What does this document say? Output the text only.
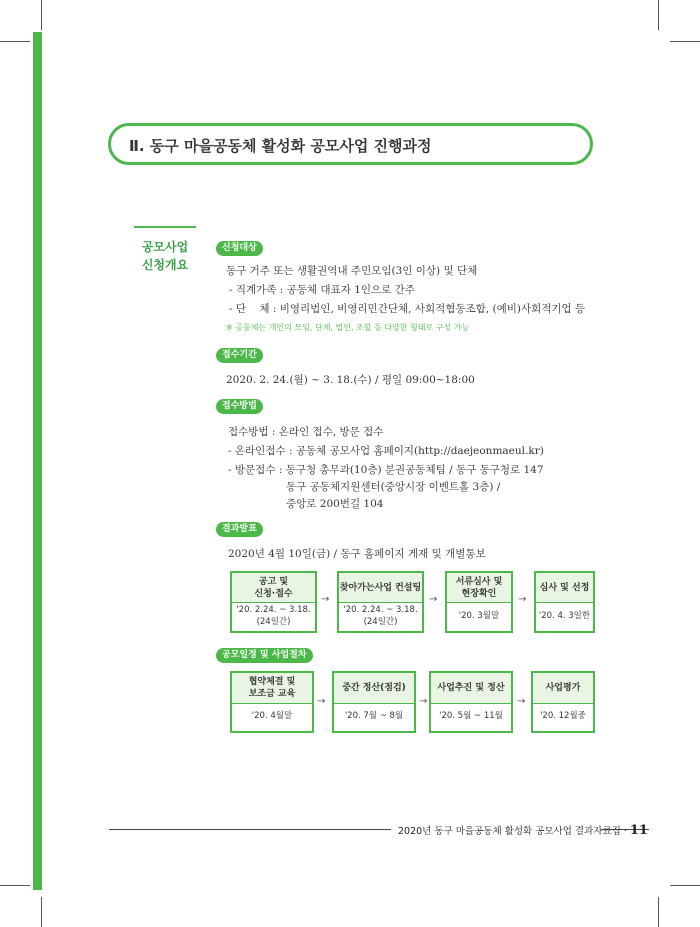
Ⅱ. 동구 마을공동체 활성화 공모사업 진행과정
공모사업
신청개요
신청대상
동구 거주 또는 생활권역내 주민모임(3인 이상) 및 단체
- 직계가족 : 공동체 대표자 1인으로 간주
- 단    체 : 비영리법인, 비영리민간단체, 사회적협동조합, (예비)사회적기업 등
※ 공동체는 개인의 모임, 단체, 법인, 조합 등 다양한 형태로 구성 가능
접수기간
2020. 2. 24.(월) ~ 3. 18.(수) / 평일 09:00~18:00
접수방법
접수방법 : 온라인 접수, 방문 접수
- 온라인접수 : 공동체 공모사업 홈페이지(http://daejeonmaeul.kr)
- 방문접수 : 동구청 총무과(10층) 분권공동체팀 / 동구 동구청로 147
동구 공동체지원센터(중앙시장 이벤트홀 3층) /
중앙로 200번길 104
결과발표
2020년 4월 10일(금) / 동구 홈페이지 게재 및 개별통보
공고 및
신청·접수
'20. 2.24. ~ 3.18.
(24일간)
→
찾아가는사업 컨설팅
'20. 2.24. ~ 3.18.
(24일간)
→
서류심사 및
현장확인
'20. 3월말
→
심사 및 선정
'20. 4. 3일한
공모일정 및 사업절차
협약체결 및
보조금 교육
'20. 4월말
→
중간 정산(점검)
'20. 7월 ~ 8월
→
사업추진 및 정산
'20. 5월 ~ 11월
→
사업평가
'20. 12월중
2020년 동구 마을공동체 활성화 공모사업 결과자료집 · 11
